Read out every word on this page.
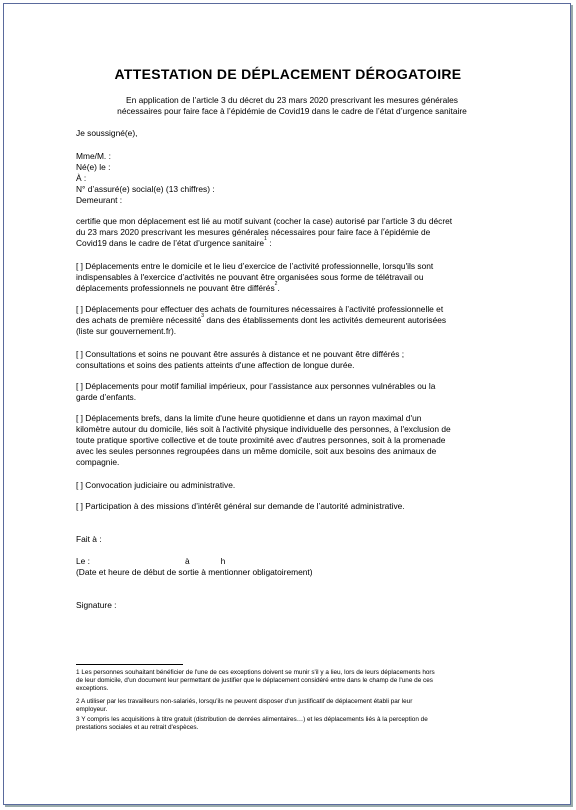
ATTESTATION DE DÉPLACEMENT DÉROGATOIRE
En application de l’article 3 du décret du 23 mars 2020 prescrivant les mesures générales
nécessaires pour faire face à l’épidémie de Covid19 dans le cadre de l’état d’urgence sanitaire
Je soussigné(e),
Mme/M. :
Né(e) le :
À :
N° d’assuré(e) social(e) (13 chiffres) :
Demeurant :
certifie que mon déplacement est lié au motif suivant (cocher la case) autorisé par l’article 3 du décret
du 23 mars 2020 prescrivant les mesures générales nécessaires pour faire face à l’épidémie de
Covid19 dans le cadre de l’état d’urgence sanitaire$^1$ :
[ ] Déplacements entre le domicile et le lieu d’exercice de l’activité professionnelle, lorsqu'ils sont
indispensables à l'exercice d’activités ne pouvant être organisées sous forme de télétravail ou
déplacements professionnels ne pouvant être différés$^2$.
[ ] Déplacements pour effectuer des achats de fournitures nécessaires à l’activité professionnelle et
des achats de première nécessité$^3$ dans des établissements dont les activités demeurent autorisées
(liste sur gouvernement.fr).
[ ] Consultations et soins ne pouvant être assurés à distance et ne pouvant être différés ;
consultations et soins des patients atteints d'une affection de longue durée.
[ ] Déplacements pour motif familial impérieux, pour l’assistance aux personnes vulnérables ou la
garde d’enfants.
[ ] Déplacements brefs, dans la limite d'une heure quotidienne et dans un rayon maximal d'un
kilomètre autour du domicile, liés soit à l'activité physique individuelle des personnes, à l'exclusion de
toute pratique sportive collective et de toute proximité avec d'autres personnes, soit à la promenade
avec les seules personnes regroupées dans un même domicile, soit aux besoins des animaux de
compagnie.
[ ] Convocation judiciaire ou administrative.
[ ] Participation à des missions d’intérêt général sur demande de l’autorité administrative.
Fait à :
Le :	à	h
(Date et heure de début de sortie à mentionner obligatoirement)
Signature :
1 Les personnes souhaitant bénéficier de l'une de ces exceptions doivent se munir s'il y a lieu, lors de leurs déplacements hors
de leur domicile, d'un document leur permettant de justifier que le déplacement considéré entre dans le champ de l'une de ces
exceptions.
2 A utiliser par les travailleurs non-salariés, lorsqu'ils ne peuvent disposer d'un justificatif de déplacement établi par leur
employeur.
3 Y compris les acquisitions à titre gratuit (distribution de denrées alimentaires…) et les déplacements liés à la perception de
prestations sociales et au retrait d'espèces.
